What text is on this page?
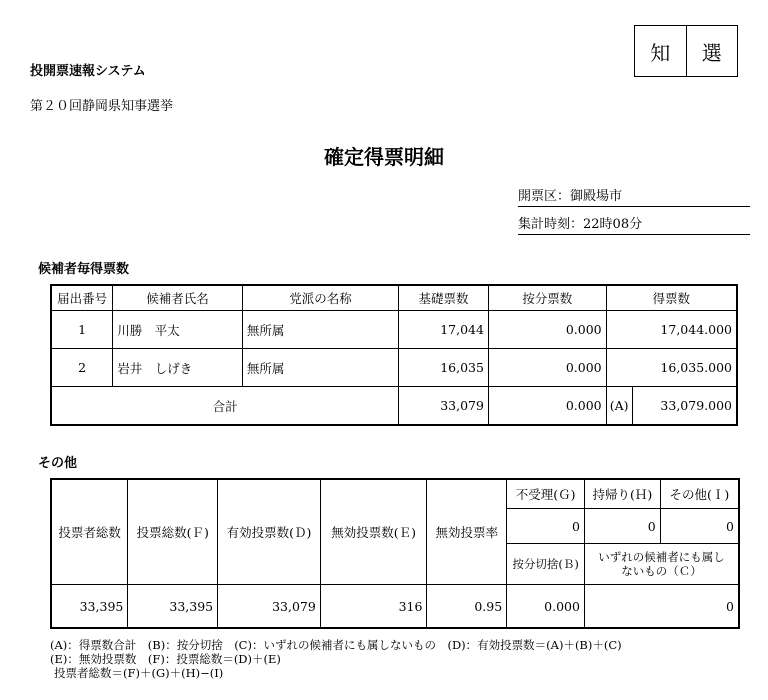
投開票速報システム
第２０回静岡県知事選挙
確定得票明細
知	選
開票区：御殿場市
集計時刻：22時08分
候補者毎得票数
届出番号	候補者氏名	党派の名称	基礎票数	按分票数	得票数	
1	川勝　平太	無所属	17,044	0.000	17,044.000	
2	岩井　しげき	無所属	16,035	0.000	16,035.000	
合計			33,079	0.000	(A)	33,079.000
その他
投票者総数	投票総数(Ｆ)	有効投票数(Ｄ)	無効投票数(Ｅ)	無効投票率	不受理(Ｇ)	持帰り(Ｈ)	その他(Ｉ)
					0	0	0
					按分切捨(Ｂ)	いずれの候補者にも属しないもの（Ｃ）	
33,395	33,395	33,079	316	0.95	0.000	0	
(A)：得票数合計　(B)：按分切捨　(C)：いずれの候補者にも属しないもの　(D)：有効投票数＝(A)＋(B)＋(C)
(E)：無効投票数　(F)：投票総数＝(D)＋(E)
投票者総数＝(F)＋(G)＋(H)−(I)
